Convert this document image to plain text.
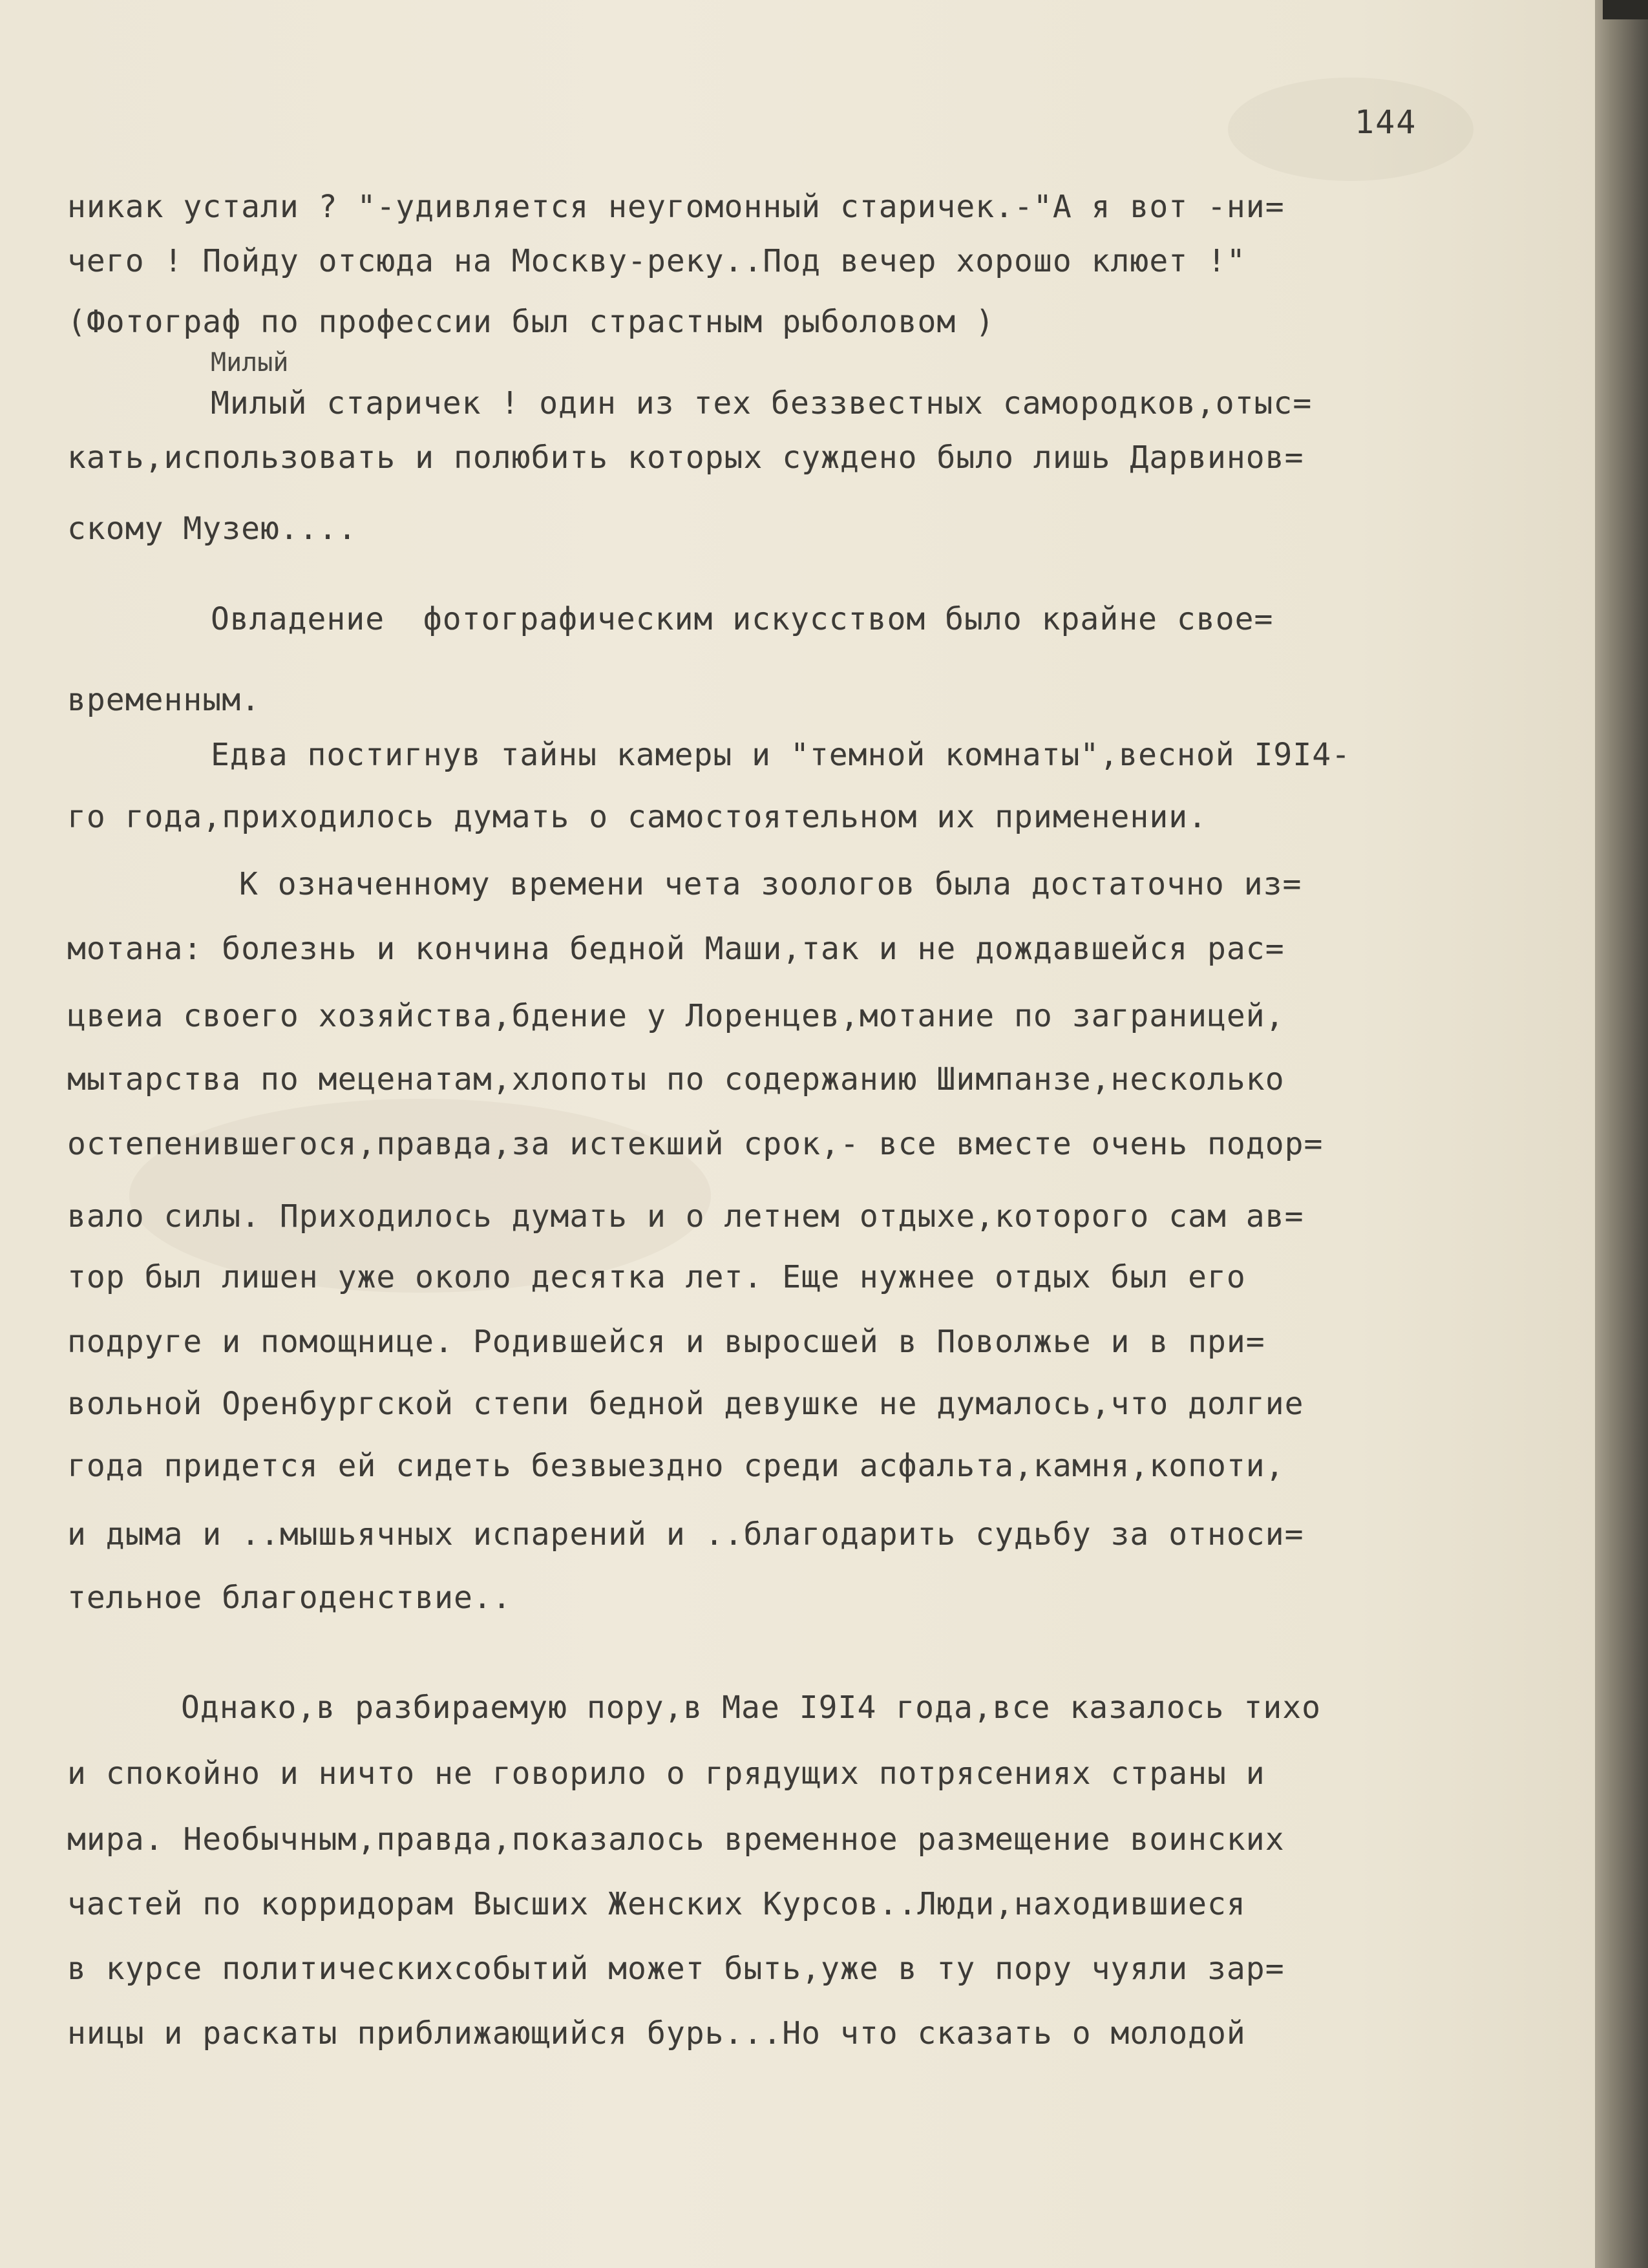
144
никак устали ? "-удивляется неугомонный старичек.-"А я вот -ни=
чего ! Пойду отсюда на Москву-реку..Под вечер хорошо клюет !"
(Фотограф по профессии был страстным рыболовом )
Милый
Милый старичек ! один из тех беззвестных самородков,отыс=
кать,использовать и полюбить которых суждено было лишь Дарвинов=
скому Музею....
Овладение  фотографическим искусством было крайне свое=
временным.
Едва постигнув тайны камеры и "темной комнаты",весной I9I4-
го года,приходилось думать о самостоятельном их применении.
К означенному времени чета зоологов была достаточно из=
мотана: болезнь и кончина бедной Маши,так и не дождавшейся рас=
цвеиа своего хозяйства,бдение у Лоренцев,мотание по заграницей,
мытарства по меценатам,хлопоты по содержанию Шимпанзе,несколько
остепенившегося,правда,за истекший срок,- все вместе очень подор=
вало силы. Приходилось думать и о летнем отдыхе,которого сам ав=
тор был лишен уже около десятка лет. Еще нужнее отдых был его
подруге и помощнице. Родившейся и выросшей в Поволжье и в при=
вольной Оренбургской степи бедной девушке не думалось,что долгие
года придется ей сидеть безвыездно среди асфальта,камня,копоти,
и дыма и ..мышьячных испарений и ..благодарить судьбу за относи=
тельное благоденствие..
Однако,в разбираемую пору,в Мае I9I4 года,все казалось тихо
и спокойно и ничто не говорило о грядущих потрясениях страны и
мира. Необычным,правда,показалось временное размещение воинских
частей по корридорам Высших Женских Курсов..Люди,находившиеся
в курсе политическихсобытий может быть,уже в ту пору чуяли зар=
ницы и раскаты приближающийся бурь...Но что сказать о молодой
